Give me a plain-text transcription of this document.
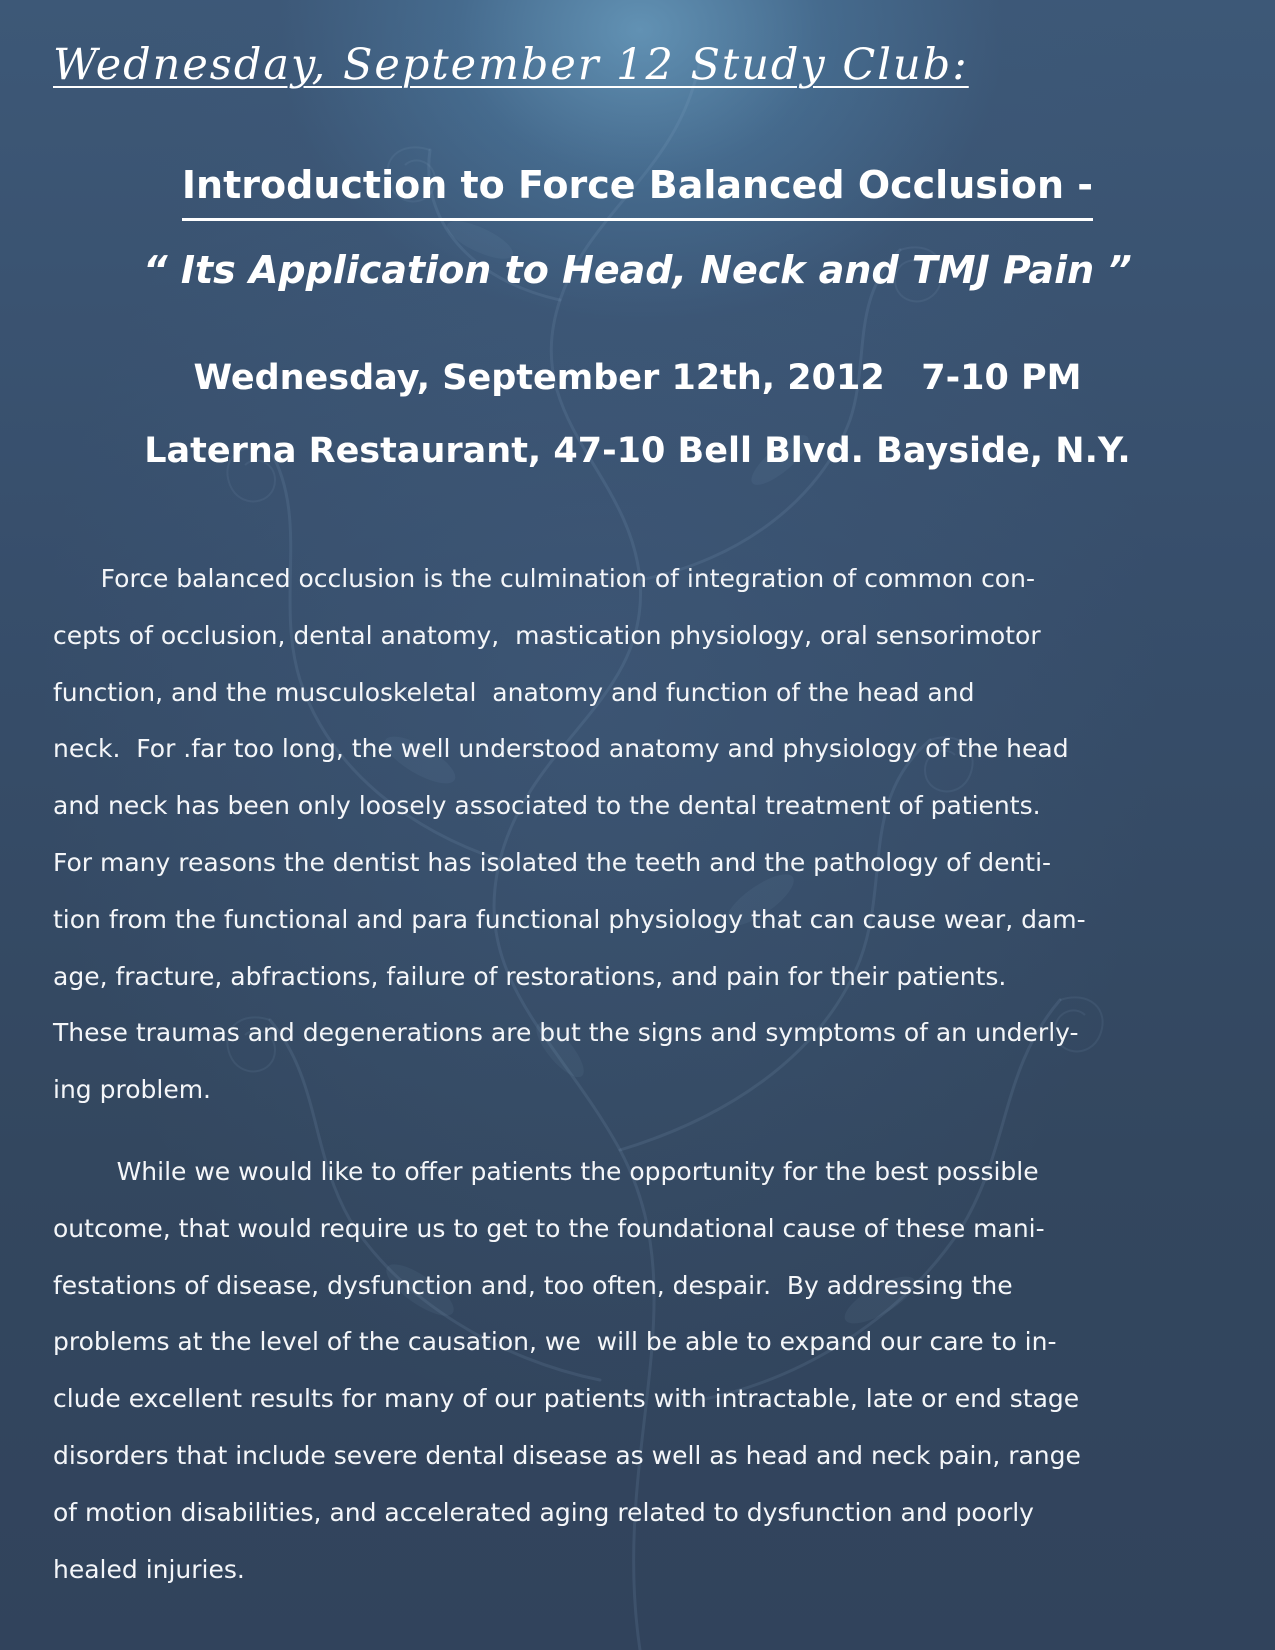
Wednesday, September 12 Study Club:
Introduction to Force Balanced Occlusion -
“ Its Application to Head, Neck and TMJ Pain ”
Wednesday, September 12th, 2012   7-10 PM
Laterna Restaurant, 47-10 Bell Blvd. Bayside, N.Y.
Force balanced occlusion is the culmination of integration of common con-
cepts of occlusion, dental anatomy,  mastication physiology, oral sensorimotor
function, and the musculoskeletal  anatomy and function of the head and
neck.  For .far too long, the well understood anatomy and physiology of the head
and neck has been only loosely associated to the dental treatment of patients.
For many reasons the dentist has isolated the teeth and the pathology of denti-
tion from the functional and para functional physiology that can cause wear, dam-
age, fracture, abfractions, failure of restorations, and pain for their patients.
These traumas and degenerations are but the signs and symptoms of an underly-
ing problem.
While we would like to offer patients the opportunity for the best possible
outcome, that would require us to get to the foundational cause of these mani-
festations of disease, dysfunction and, too often, despair.  By addressing the
problems at the level of the causation, we  will be able to expand our care to in-
clude excellent results for many of our patients with intractable, late or end stage
disorders that include severe dental disease as well as head and neck pain, range
of motion disabilities, and accelerated aging related to dysfunction and poorly
healed injuries.
